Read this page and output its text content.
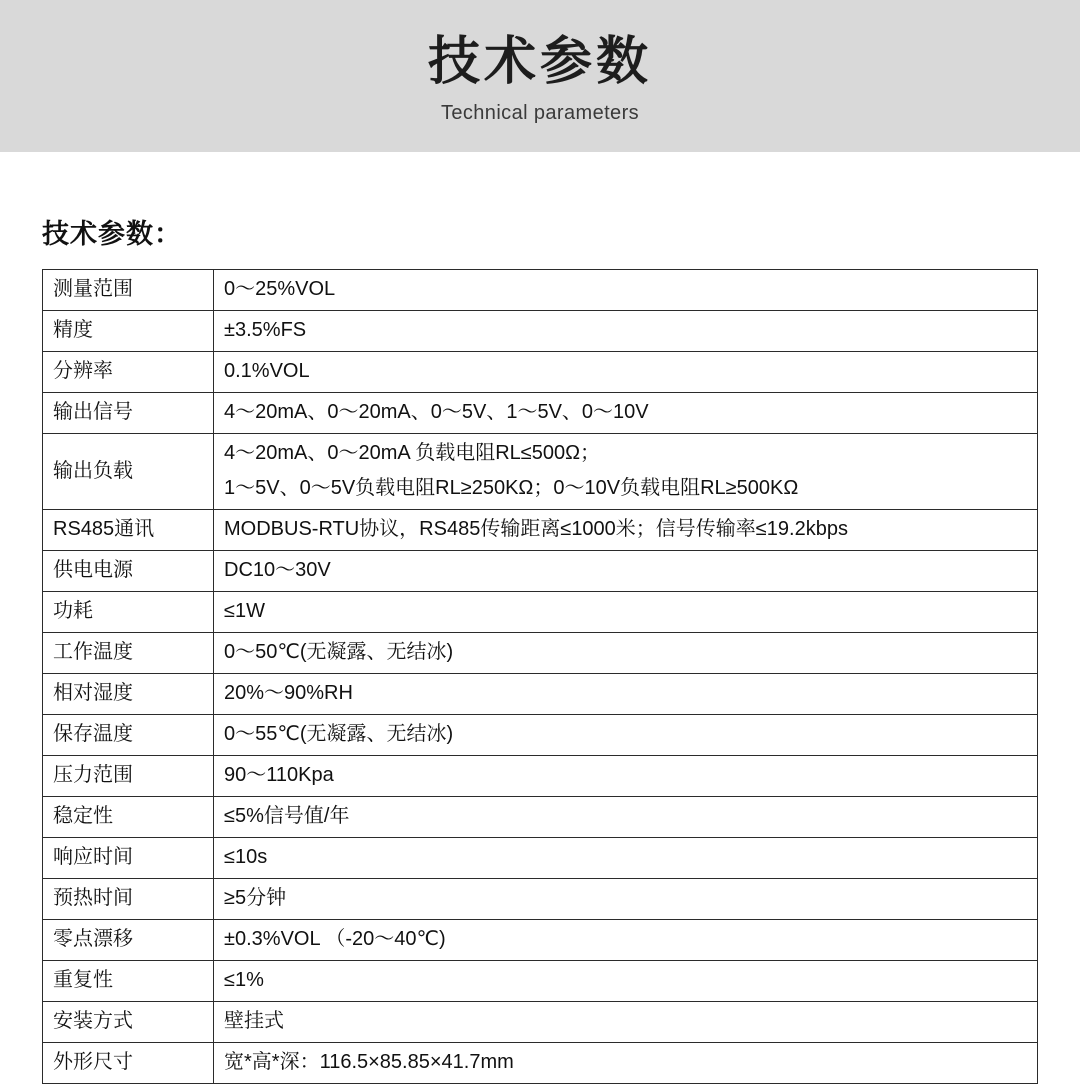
技术参数
Technical parameters
技术参数：
测量范围	0～25%VOL

精度	±3.5%FS

分辨率	0.1%VOL

输出信号	4～20mA、0～20mA、0～5V、1～5V、0～10V

输出负载	4～20mA、0～20mA 负载电阻RL≤500Ω；
1～5V、0～5V负载电阻RL≥250KΩ；0～10V负载电阻RL≥500KΩ

RS485通讯	MODBUS-RTU协议，RS485传输距离≤1000米；信号传输率≤19.2kbps

供电电源	DC10～30V

功耗	≤1W

工作温度	0～50℃(无凝露、无结冰)

相对湿度	20%～90%RH

保存温度	0～55℃(无凝露、无结冰)

压力范围	90～110Kpa

稳定性	≤5%信号值/年

响应时间	≤10s

预热时间	≥5分钟

零点漂移	±0.3%VOL （-20～40℃)

重复性	≤1%

安装方式	壁挂式

外形尺寸	宽*高*深：116.5×85.85×41.7mm
